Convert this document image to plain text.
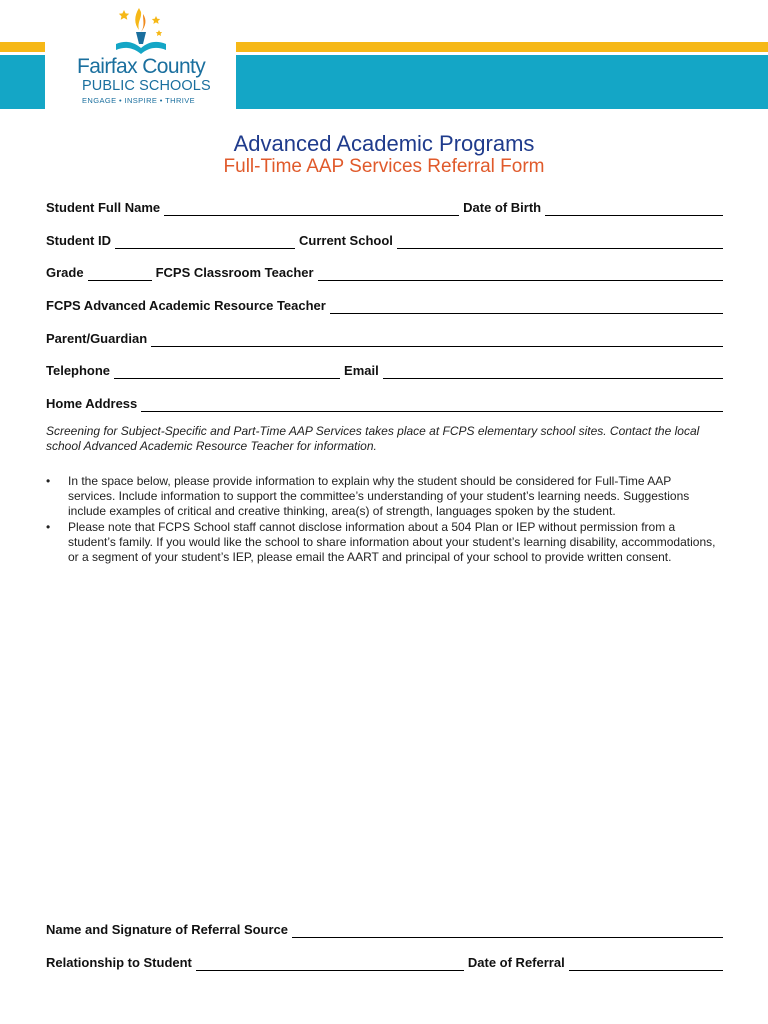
Fairfax County
PUBLIC SCHOOLS
ENGAGE • INSPIRE • THRIVE
Advanced Academic Programs
Full-Time AAP Services Referral Form
Student Full Name	Date of Birth
Student ID	Current School
Grade	FCPS Classroom Teacher
FCPS Advanced Academic Resource Teacher
Parent/Guardian
Telephone	Email
Home Address
Screening for Subject-Specific and Part-Time AAP Services takes place at FCPS elementary school sites. Contact the local school Advanced Academic Resource Teacher for information.
• In the space below, please provide information to explain why the student should be considered for Full-Time AAP services. Include information to support the committee’s understanding of your student’s learning needs. Suggestions include examples of critical and creative thinking, area(s) of strength, languages spoken by the student.
• Please note that FCPS School staff cannot disclose information about a 504 Plan or IEP without permission from a student’s family. If you would like the school to share information about your student’s learning disability, accommodations, or a segment of your student’s IEP, please email the AART and principal of your school to provide written consent.
Name and Signature of Referral Source
Relationship to Student	Date of Referral
